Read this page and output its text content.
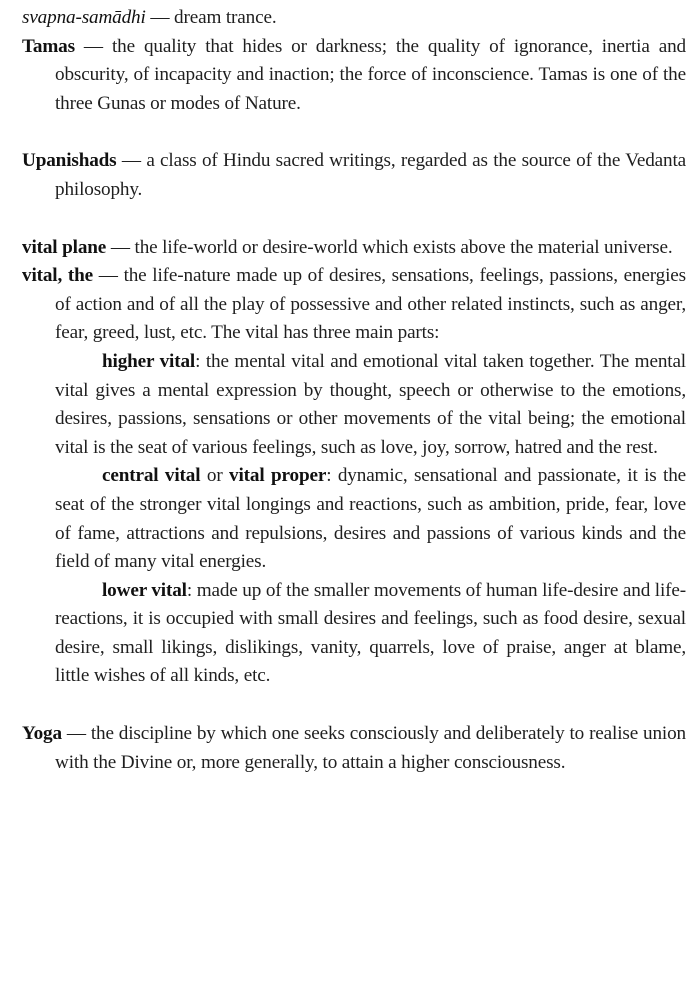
svapna-samādhi — dream trance.

Tamas — the quality that hides or darkness; the quality of ignorance, inertia and obscurity, of incapacity and inaction; the force of inconscience. Tamas is one of the three Gunas or modes of Nature.

Upanishads — a class of Hindu sacred writings, regarded as the source of the Vedanta philosophy.

vital plane — the life-world or desire-world which exists above the material universe.

vital, the — the life-nature made up of desires, sensations, feelings, passions, energies of action and of all the play of possessive and other related instincts, such as anger, fear, greed, lust, etc. The vital has three main parts:

higher vital: the mental vital and emotional vital taken together. The mental vital gives a mental expression by thought, speech or otherwise to the emotions, desires, passions, sensations or other movements of the vital being; the emotional vital is the seat of various feelings, such as love, joy, sorrow, hatred and the rest.

central vital or vital proper: dynamic, sensational and passionate, it is the seat of the stronger vital longings and reactions, such as ambition, pride, fear, love of fame, attractions and repulsions, desires and passions of various kinds and the field of many vital energies.

lower vital: made up of the smaller movements of human life-desire and life-reactions, it is occupied with small desires and feelings, such as food desire, sexual desire, small likings, dislikings, vanity, quarrels, love of praise, anger at blame, little wishes of all kinds, etc.

Yoga — the discipline by which one seeks consciously and deliberately to realise union with the Divine or, more generally, to attain a higher consciousness.
